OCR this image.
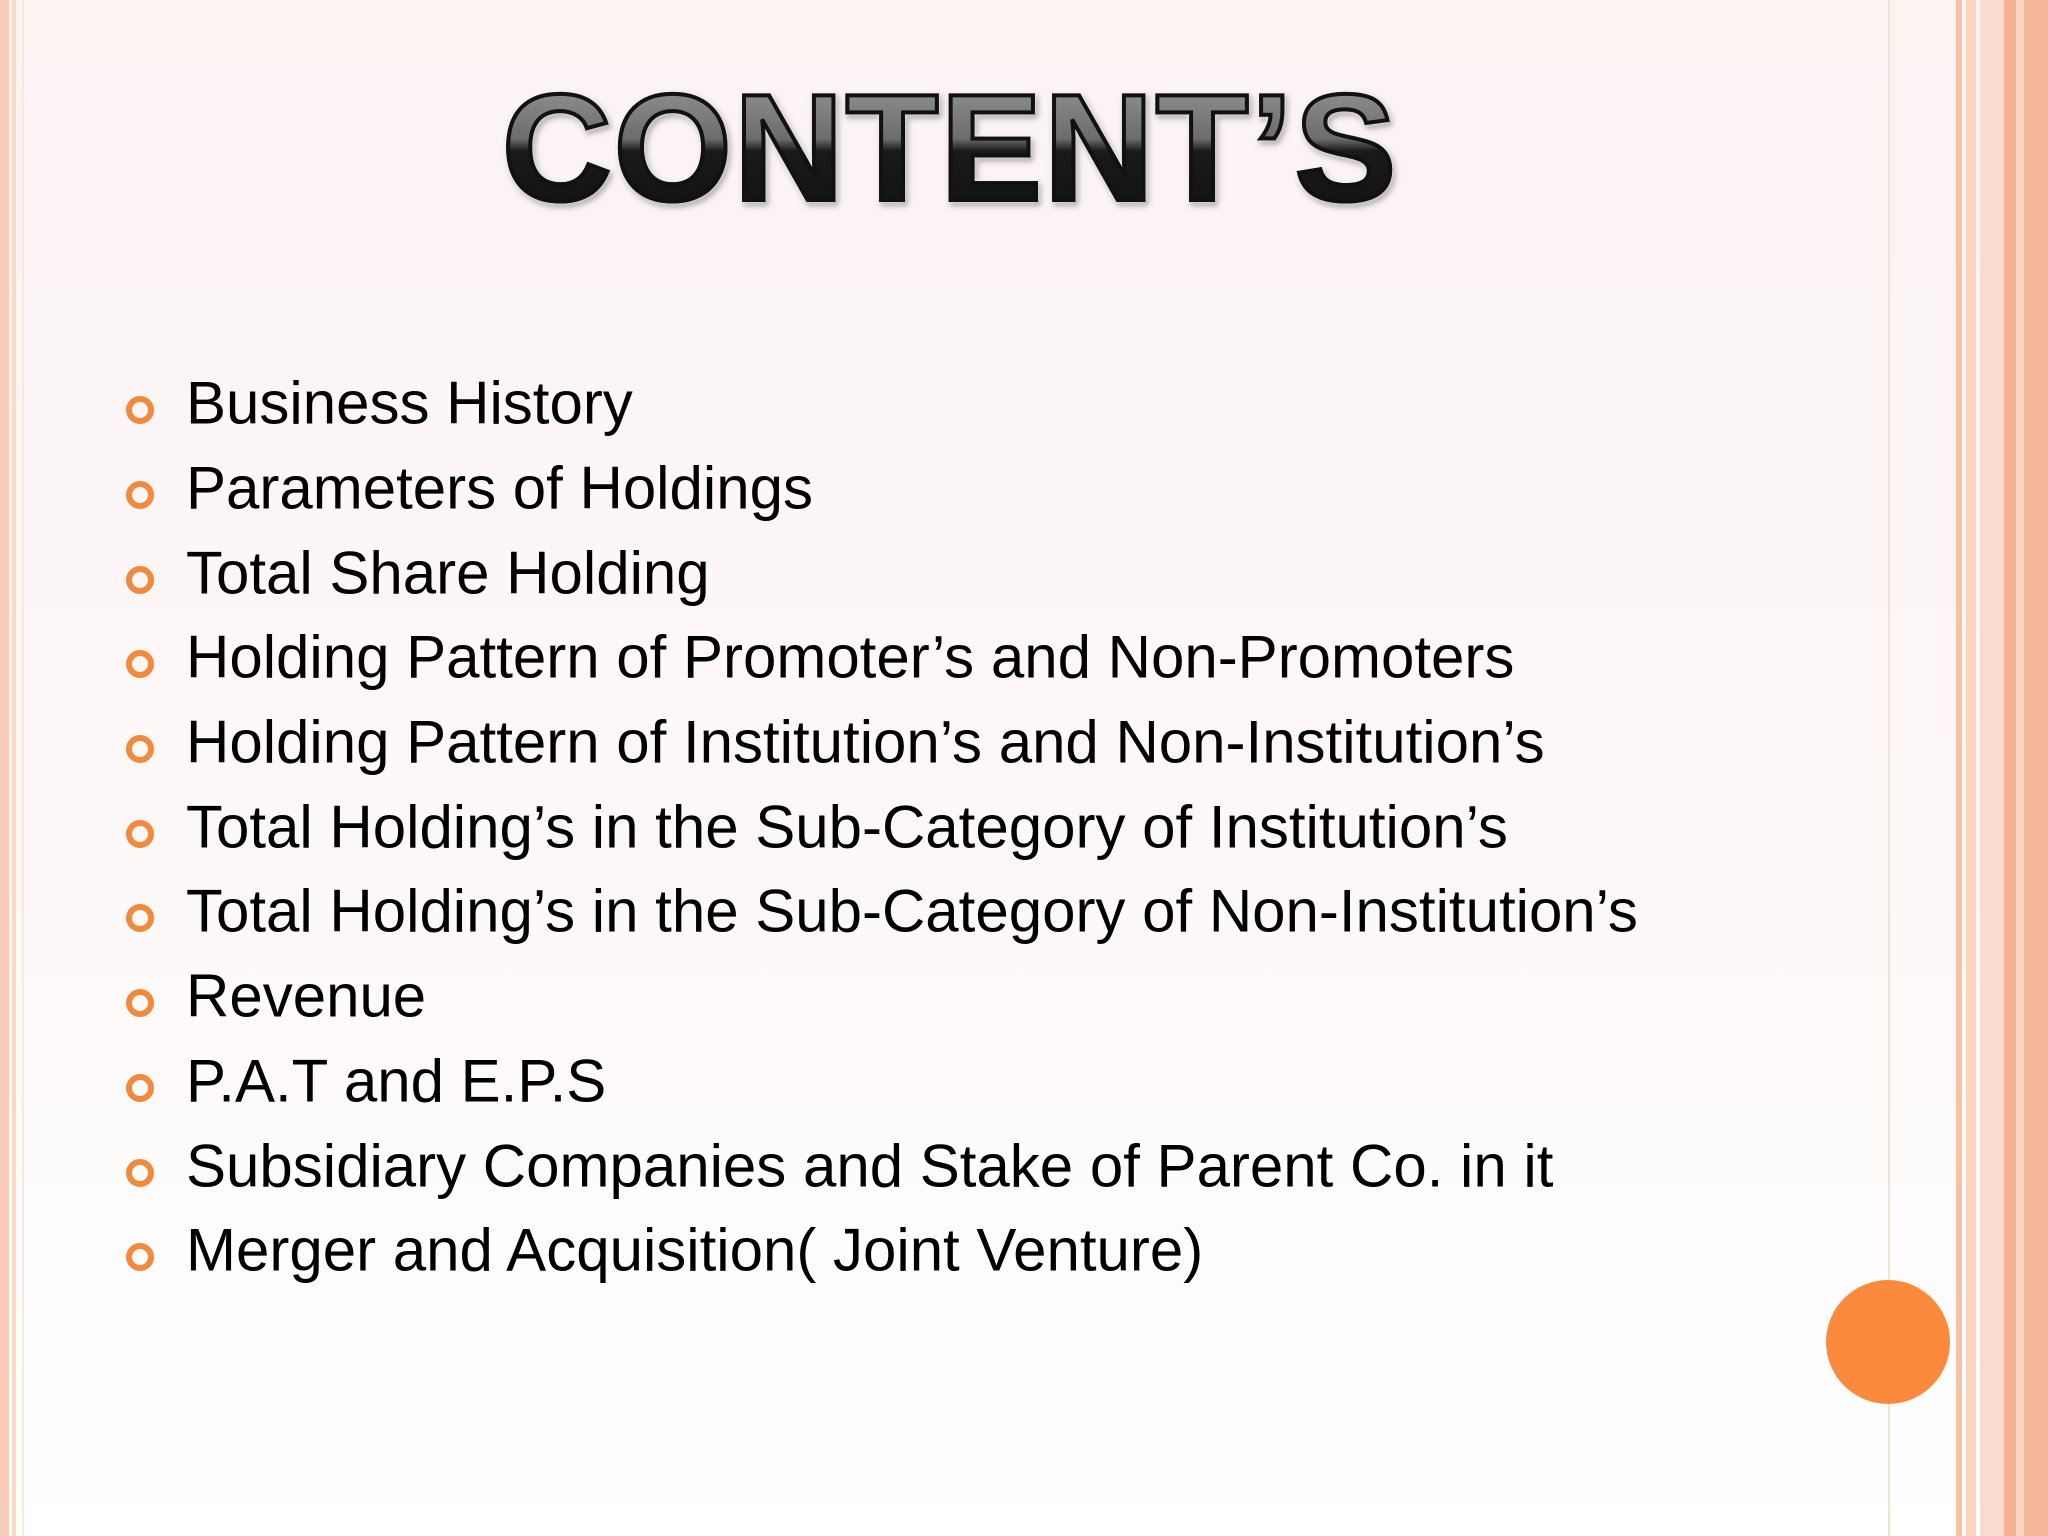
CONTENT’S
Business History
Parameters of Holdings
Total Share Holding
Holding Pattern of Promoter’s and Non-Promoters
Holding Pattern of Institution’s and Non-Institution’s
Total Holding’s in the Sub-Category of Institution’s
Total Holding’s in the Sub-Category of Non-Institution’s
Revenue
P.A.T and E.P.S
Subsidiary Companies and Stake of Parent Co. in it
Merger and Acquisition( Joint Venture)
